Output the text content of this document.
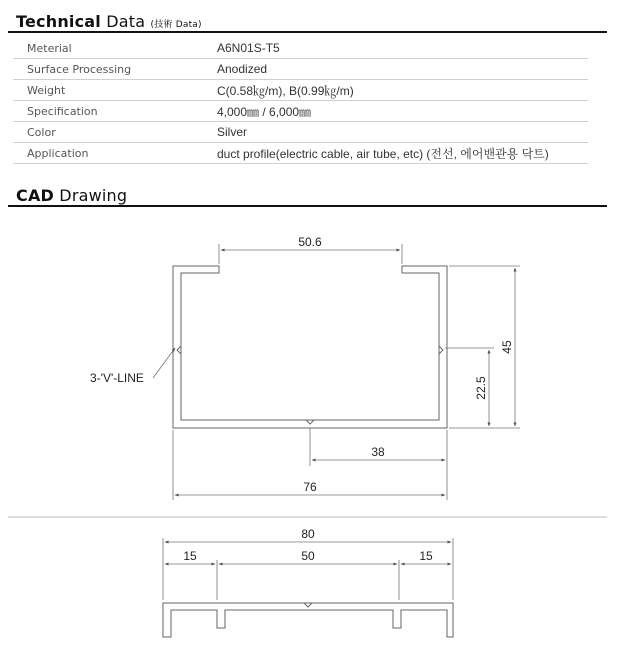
Technical Data (技術 Data)
Meterial	A6N01S-T5
Surface Processing	Anodized
Weight	C(0.58㎏/m), B(0.99㎏/m)
Specification	4,000㎜ / 6,000㎜
Color	Silver
Application	duct profile(electric cable, air tube, etc) (전선, 에어밴관용 닥트)
CAD Drawing
50.6
45
22.5
38
76
3-'V'-LINE
80
15	50	15
